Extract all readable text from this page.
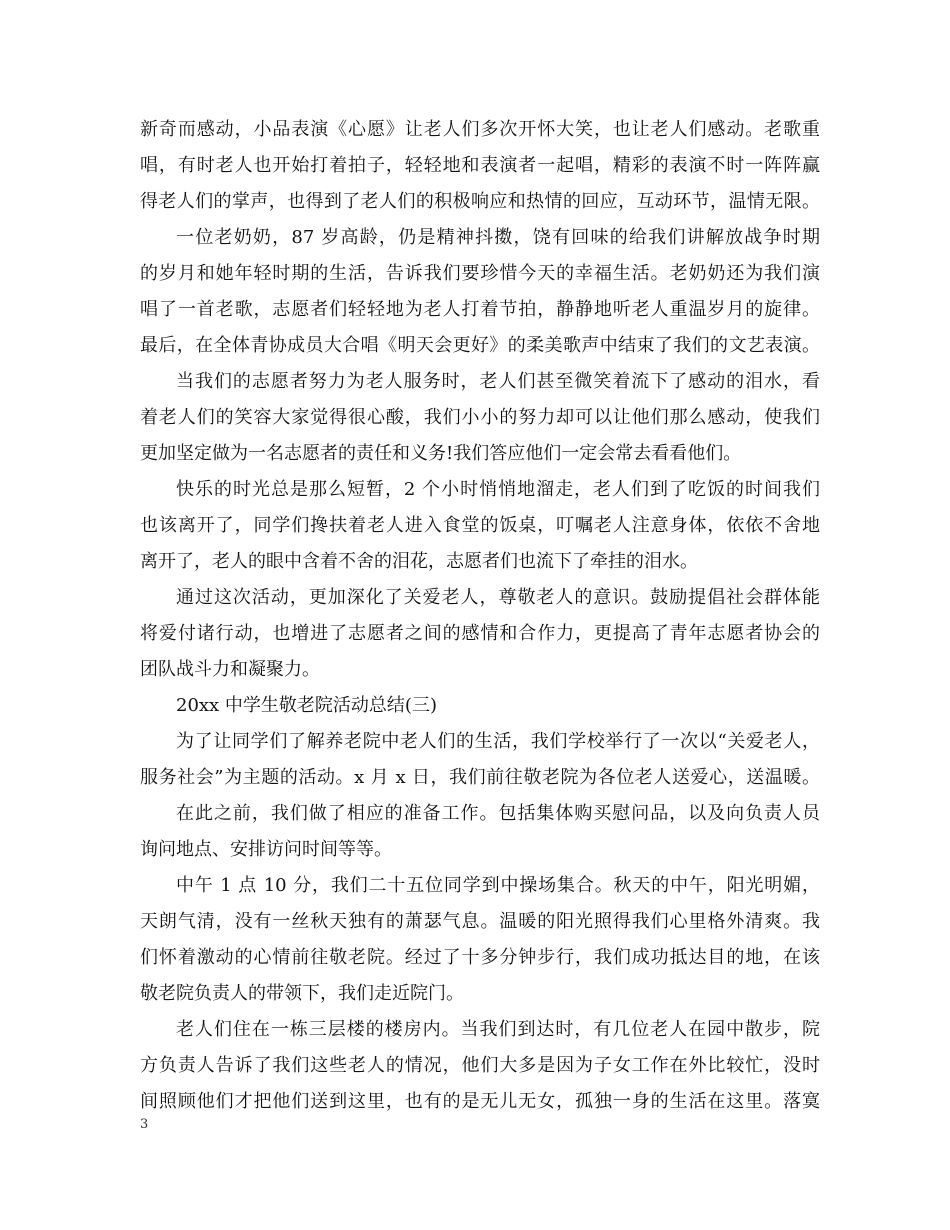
新奇而感动，小品表演《心愿》让老人们多次开怀大笑，也让老人们感动。老歌重
唱，有时老人也开始打着拍子，轻轻地和表演者一起唱，精彩的表演不时一阵阵赢
得老人们的掌声，也得到了老人们的积极响应和热情的回应，互动环节，温情无限。
一位老奶奶，87 岁高龄，仍是精神抖擞，饶有回味的给我们讲解放战争时期
的岁月和她年轻时期的生活，告诉我们要珍惜今天的幸福生活。老奶奶还为我们演
唱了一首老歌，志愿者们轻轻地为老人打着节拍，静静地听老人重温岁月的旋律。
最后，在全体青协成员大合唱《明天会更好》的柔美歌声中结束了我们的文艺表演。
当我们的志愿者努力为老人服务时，老人们甚至微笑着流下了感动的泪水，看
着老人们的笑容大家觉得很心酸，我们小小的努力却可以让他们那么感动，使我们
更加坚定做为一名志愿者的责任和义务!我们答应他们一定会常去看看他们。
快乐的时光总是那么短暂，2 个小时悄悄地溜走，老人们到了吃饭的时间我们
也该离开了，同学们搀扶着老人进入食堂的饭桌，叮嘱老人注意身体，依依不舍地
离开了，老人的眼中含着不舍的泪花，志愿者们也流下了牵挂的泪水。
通过这次活动，更加深化了关爱老人，尊敬老人的意识。鼓励提倡社会群体能
将爱付诸行动，也增进了志愿者之间的感情和合作力，更提高了青年志愿者协会的
团队战斗力和凝聚力。
20xx 中学生敬老院活动总结(三)
为了让同学们了解养老院中老人们的生活，我们学校举行了一次以“关爱老人，
服务社会”为主题的活动。x 月 x 日，我们前往敬老院为各位老人送爱心，送温暖。
在此之前，我们做了相应的准备工作。包括集体购买慰问品，以及向负责人员
询问地点、安排访问时间等等。
中午 1 点 10 分，我们二十五位同学到中操场集合。秋天的中午，阳光明媚，
天朗气清，没有一丝秋天独有的萧瑟气息。温暖的阳光照得我们心里格外清爽。我
们怀着激动的心情前往敬老院。经过了十多分钟步行，我们成功抵达目的地，在该
敬老院负责人的带领下，我们走近院门。
老人们住在一栋三层楼的楼房内。当我们到达时，有几位老人在园中散步，院
方负责人告诉了我们这些老人的情况，他们大多是因为子女工作在外比较忙，没时
间照顾他们才把他们送到这里，也有的是无儿无女，孤独一身的生活在这里。落寞
3
